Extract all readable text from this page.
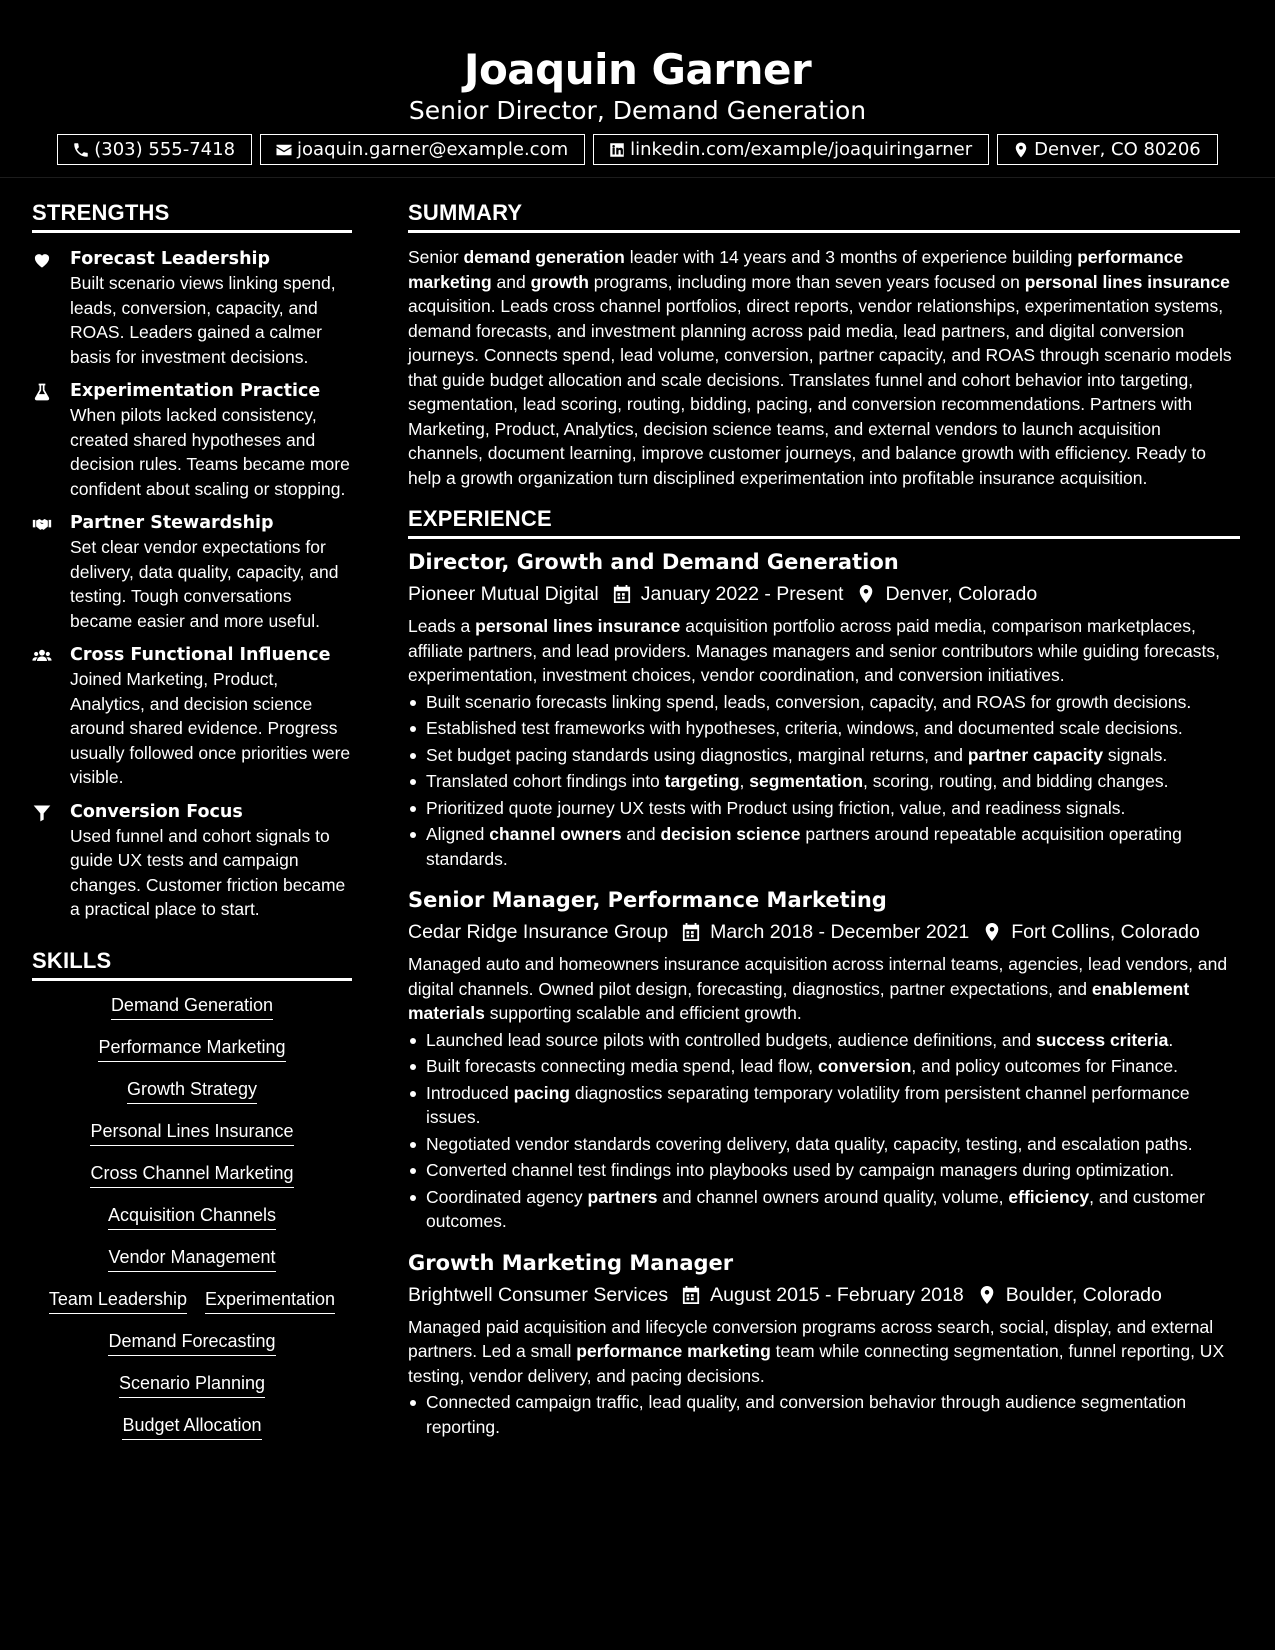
Joaquin Garner
Senior Director, Demand Generation
(303) 555-7418	joaquin.garner@example.com	linkedin.com/example/joaquiringarner	Denver, CO 80206
STRENGTHS
Forecast Leadership
Built scenario views linking spend, leads, conversion, capacity, and ROAS. Leaders gained a calmer basis for investment decisions.
Experimentation Practice
When pilots lacked consistency, created shared hypotheses and decision rules. Teams became more confident about scaling or stopping.
Partner Stewardship
Set clear vendor expectations for delivery, data quality, capacity, and testing. Tough conversations became easier and more useful.
Cross Functional Influence
Joined Marketing, Product, Analytics, and decision science around shared evidence. Progress usually followed once priorities were visible.
Conversion Focus
Used funnel and cohort signals to guide UX tests and campaign changes. Customer friction became a practical place to start.
SKILLS
Demand Generation
Performance Marketing
Growth Strategy
Personal Lines Insurance
Cross Channel Marketing
Acquisition Channels
Vendor Management
Team Leadership Experimentation
Demand Forecasting
Scenario Planning
Budget Allocation
SUMMARY
Senior demand generation leader with 14 years and 3 months of experience building performance marketing and growth programs, including more than seven years focused on personal lines insurance acquisition. Leads cross channel portfolios, direct reports, vendor relationships, experimentation systems, demand forecasts, and investment planning across paid media, lead partners, and digital conversion journeys. Connects spend, lead volume, conversion, partner capacity, and ROAS through scenario models that guide budget allocation and scale decisions. Translates funnel and cohort behavior into targeting, segmentation, lead scoring, routing, bidding, pacing, and conversion recommendations. Partners with Marketing, Product, Analytics, decision science teams, and external vendors to launch acquisition channels, document learning, improve customer journeys, and balance growth with efficiency. Ready to help a growth organization turn disciplined experimentation into profitable insurance acquisition.
EXPERIENCE
Director, Growth and Demand Generation
Pioneer Mutual Digital January 2022 - Present Denver, Colorado
Leads a personal lines insurance acquisition portfolio across paid media, comparison marketplaces, affiliate partners, and lead providers. Manages managers and senior contributors while guiding forecasts, experimentation, investment choices, vendor coordination, and conversion initiatives.
Built scenario forecasts linking spend, leads, conversion, capacity, and ROAS for growth decisions.
Established test frameworks with hypotheses, criteria, windows, and documented scale decisions.
Set budget pacing standards using diagnostics, marginal returns, and partner capacity signals.
Translated cohort findings into targeting, segmentation, scoring, routing, and bidding changes.
Prioritized quote journey UX tests with Product using friction, value, and readiness signals.
Aligned channel owners and decision science partners around repeatable acquisition operating standards.
Senior Manager, Performance Marketing
Cedar Ridge Insurance Group March 2018 - December 2021 Fort Collins, Colorado
Managed auto and homeowners insurance acquisition across internal teams, agencies, lead vendors, and digital channels. Owned pilot design, forecasting, diagnostics, partner expectations, and enablement materials supporting scalable and efficient growth.
Launched lead source pilots with controlled budgets, audience definitions, and success criteria.
Built forecasts connecting media spend, lead flow, conversion, and policy outcomes for Finance.
Introduced pacing diagnostics separating temporary volatility from persistent channel performance issues.
Negotiated vendor standards covering delivery, data quality, capacity, testing, and escalation paths.
Converted channel test findings into playbooks used by campaign managers during optimization.
Coordinated agency partners and channel owners around quality, volume, efficiency, and customer outcomes.
Growth Marketing Manager
Brightwell Consumer Services August 2015 - February 2018 Boulder, Colorado
Managed paid acquisition and lifecycle conversion programs across search, social, display, and external partners. Led a small performance marketing team while connecting segmentation, funnel reporting, UX testing, vendor delivery, and pacing decisions.
Connected campaign traffic, lead quality, and conversion behavior through audience segmentation reporting.
